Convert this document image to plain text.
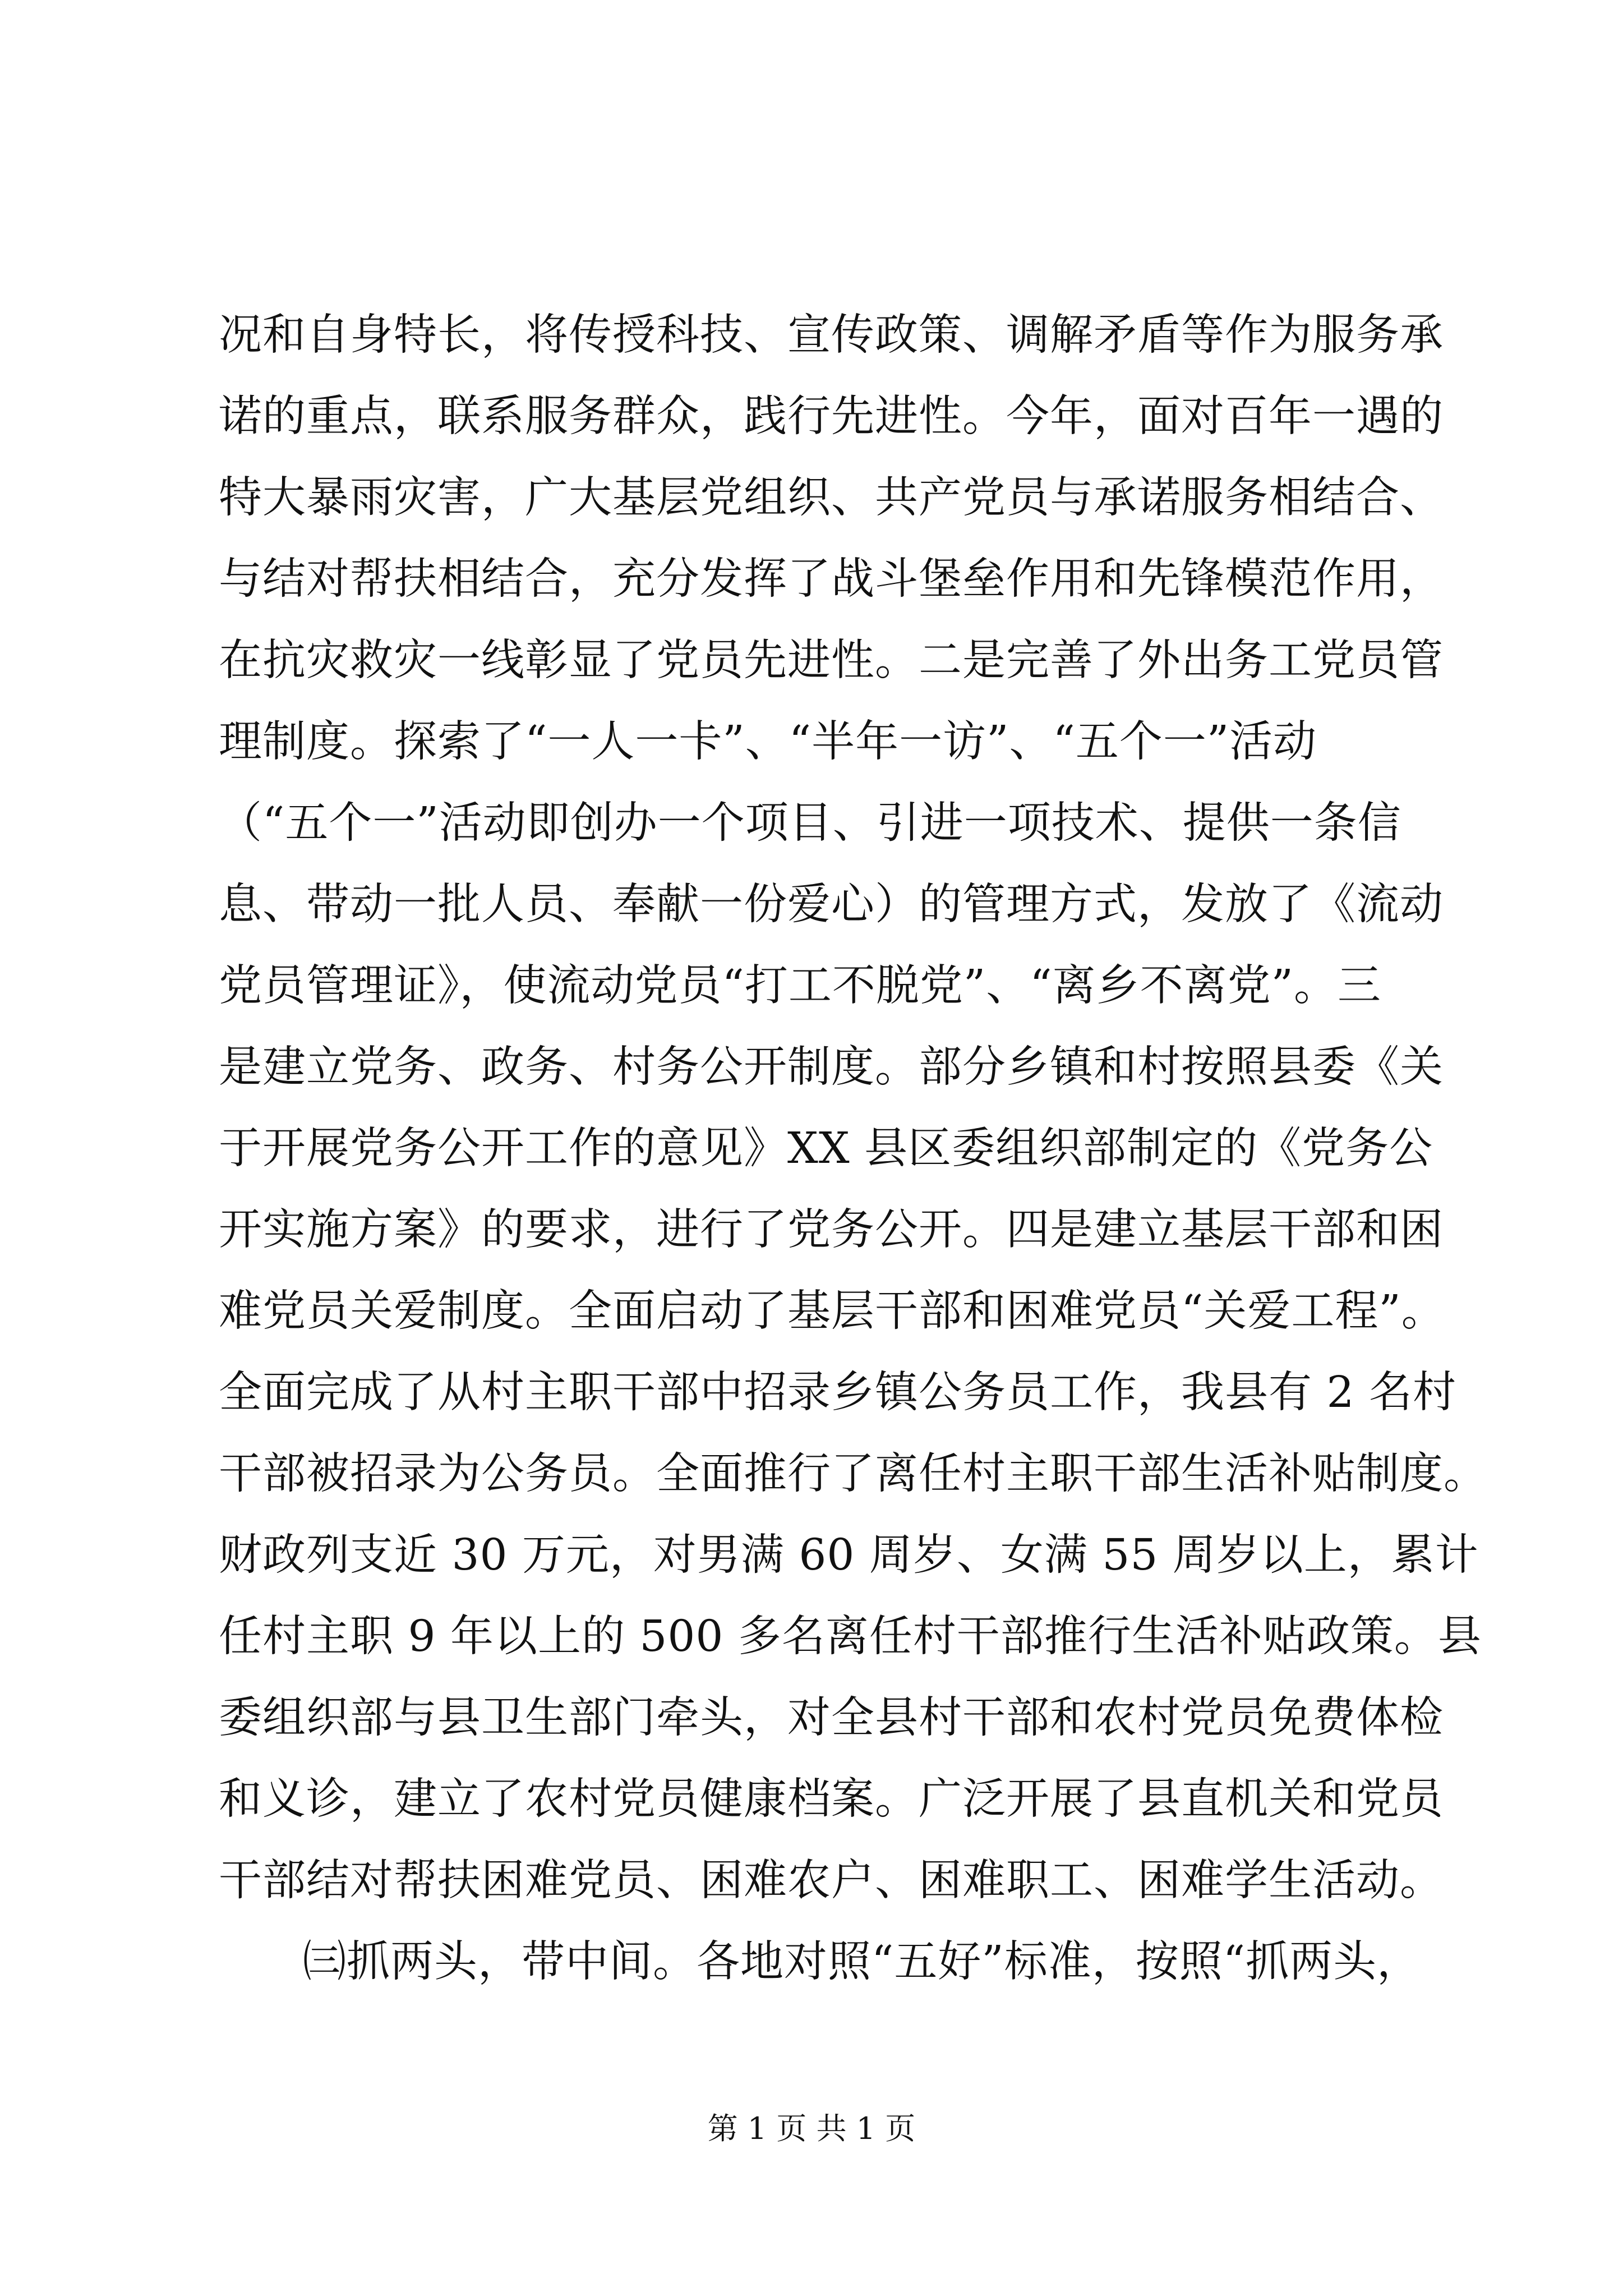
况和自身特长，将传授科技、宣传政策、调解矛盾等作为服务承
诺的重点，联系服务群众，践行先进性。今年，面对百年一遇的
特大暴雨灾害，广大基层党组织、共产党员与承诺服务相结合、
与结对帮扶相结合，充分发挥了战斗堡垒作用和先锋模范作用，
在抗灾救灾一线彰显了党员先进性。二是完善了外出务工党员管
理制度。探索了“一人一卡”、“半年一访”、“五个一”活动
（“五个一”活动即创办一个项目、引进一项技术、提供一条信
息、带动一批人员、奉献一份爱心）的管理方式，发放了《流动
党员管理证》，使流动党员“打工不脱党”、“离乡不离党”。三
是建立党务、政务、村务公开制度。部分乡镇和村按照县委《关
于开展党务公开工作的意见》XX 县区委组织部制定的《党务公
开实施方案》的要求，进行了党务公开。四是建立基层干部和困
难党员关爱制度。全面启动了基层干部和困难党员“关爱工程”。
全面完成了从村主职干部中招录乡镇公务员工作，我县有 2 名村
干部被招录为公务员。全面推行了离任村主职干部生活补贴制度。
财政列支近 30 万元，对男满 60 周岁、女满 55 周岁以上，累计
任村主职 9 年以上的 500 多名离任村干部推行生活补贴政策。县
委组织部与县卫生部门牵头，对全县村干部和农村党员免费体检
和义诊，建立了农村党员健康档案。广泛开展了县直机关和党员
干部结对帮扶困难党员、困难农户、困难职工、困难学生活动。
㈢抓两头，带中间。各地对照“五好”标准，按照“抓两头，
第 1 页 共 1 页
